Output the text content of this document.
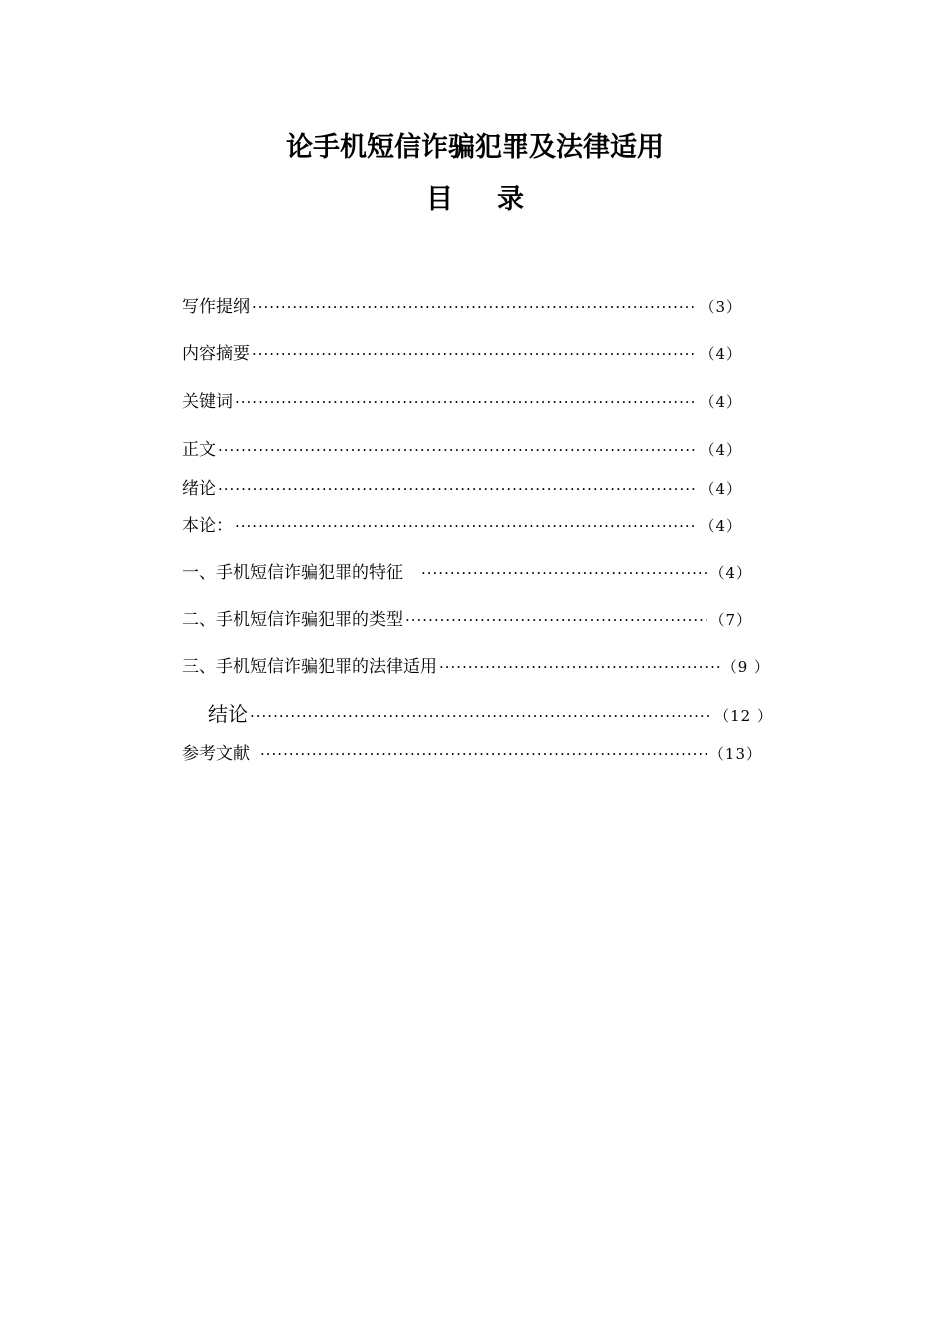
论手机短信诈骗犯罪及法律适用
目 录
写作提纲 ·····	（3）
内容摘要 ·····	（4）
关键词 ·····	（4）
正文 ·····	（4）
绪论 ·····	（4）
本论： ·····	（4）
一、手机短信诈骗犯罪的特征 ·····	（4）
二、手机短信诈骗犯罪的类型 ·····	（7）
三、手机短信诈骗犯罪的法律适用 ·····	（9 ）
结论 ·····	（12 ）
参考文献 ·····	（13）
